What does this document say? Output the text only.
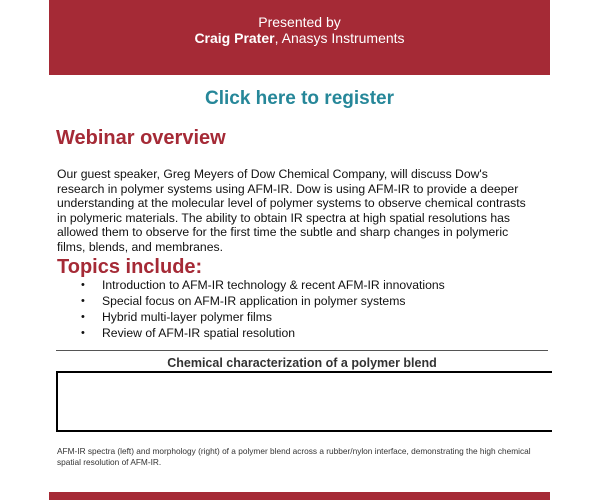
Presented by
Craig Prater, Anasys Instruments
Click here to register
Webinar overview

Our guest speaker, Greg Meyers of Dow Chemical Company, will discuss Dow's research in polymer systems using AFM-IR. Dow is using AFM-IR to provide a deeper understanding at the molecular level of polymer systems to observe chemical contrasts in polymeric materials. The ability to obtain IR spectra at high spatial resolutions has allowed them to observe for the first time the subtle and sharp changes in polymeric films, blends, and membranes.

Topics include:
• Introduction to AFM-IR technology & recent AFM-IR innovations
• Special focus on AFM-IR application in polymer systems
• Hybrid multi-layer polymer films
• Review of AFM-IR spatial resolution
Chemical characterization of a polymer blend

AFM-IR spectra (left) and morphology (right) of a polymer blend across a rubber/nylon interface, demonstrating the high chemical spatial resolution of AFM-IR.
